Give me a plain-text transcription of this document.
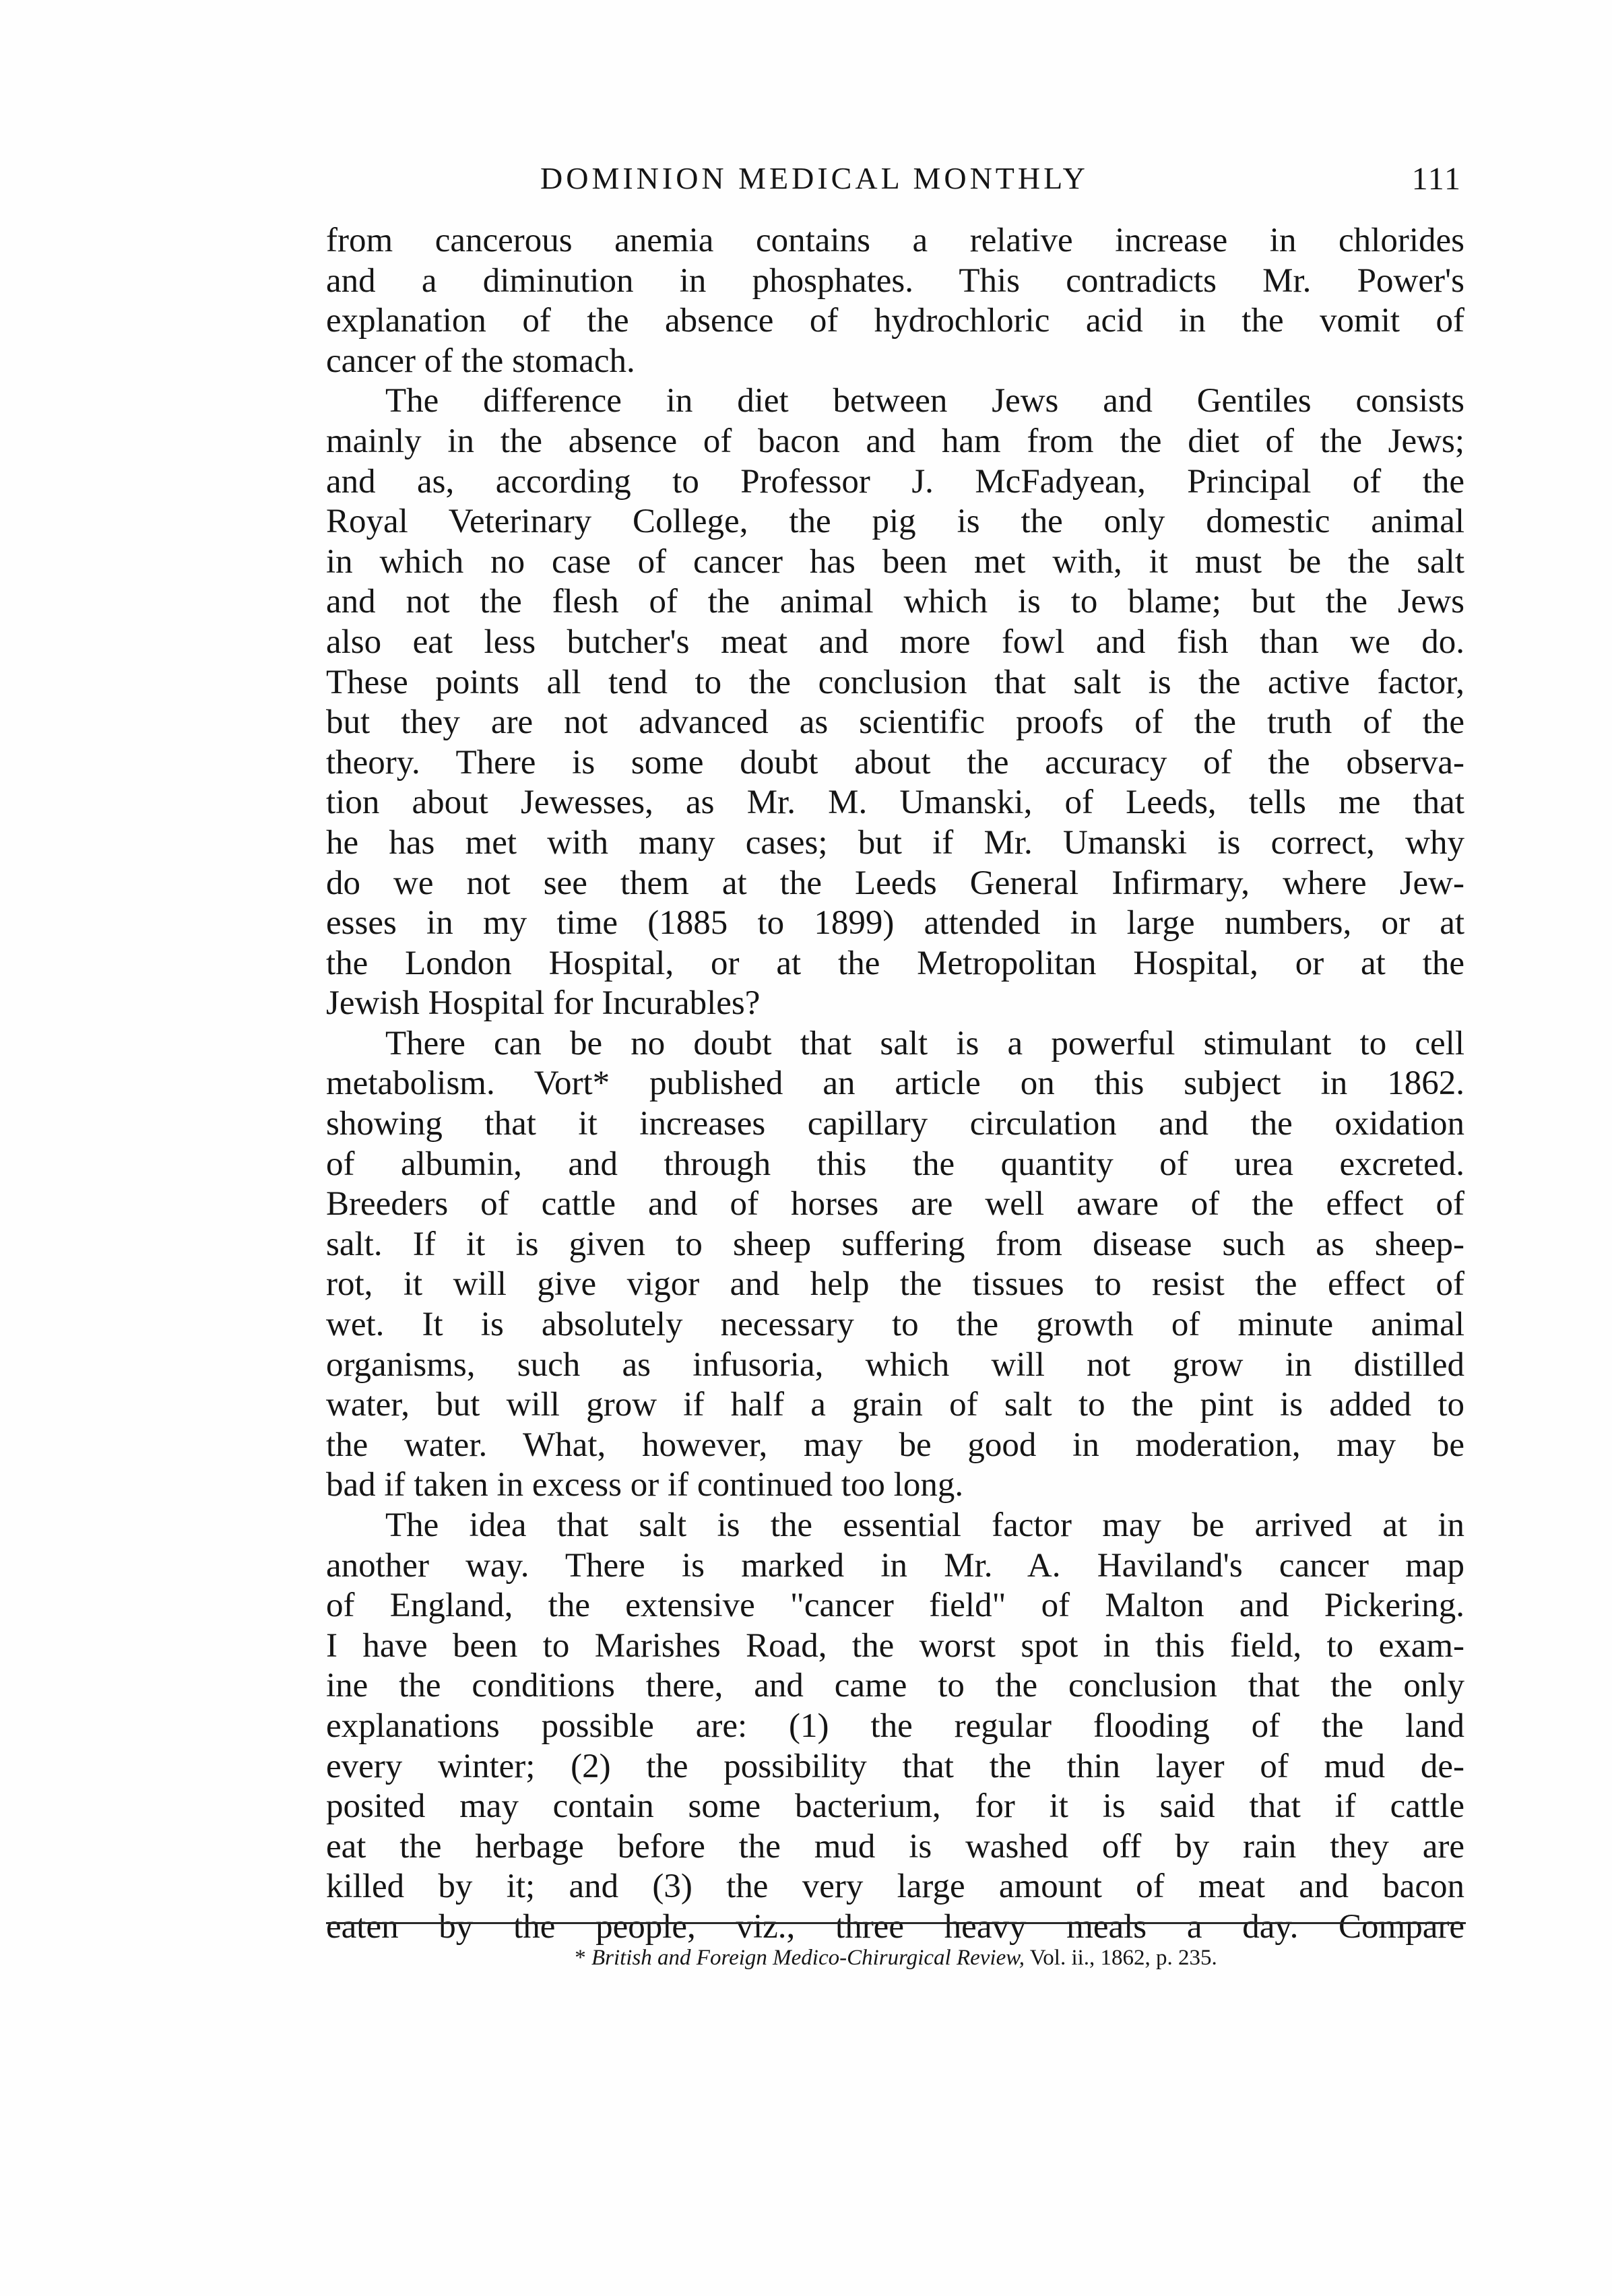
DOMINION MEDICAL MONTHLY	111
from cancerous anemia contains a relative increase in chlorides
and a diminution in phosphates. This contradicts Mr. Power's
explanation of the absence of hydrochloric acid in the vomit of
cancer of the stomach.
The difference in diet between Jews and Gentiles consists
mainly in the absence of bacon and ham from the diet of the Jews;
and as, according to Professor J. McFadyean, Principal of the
Royal Veterinary College, the pig is the only domestic animal
in which no case of cancer has been met with, it must be the salt
and not the flesh of the animal which is to blame; but the Jews
also eat less butcher's meat and more fowl and fish than we do.
These points all tend to the conclusion that salt is the active factor,
but they are not advanced as scientific proofs of the truth of the
theory. There is some doubt about the accuracy of the observa-
tion about Jewesses, as Mr. M. Umanski, of Leeds, tells me that
he has met with many cases; but if Mr. Umanski is correct, why
do we not see them at the Leeds General Infirmary, where Jew-
esses in my time (1885 to 1899) attended in large numbers, or at
the London Hospital, or at the Metropolitan Hospital, or at the
Jewish Hospital for Incurables?
There can be no doubt that salt is a powerful stimulant to cell
metabolism. Vort* published an article on this subject in 1862.
showing that it increases capillary circulation and the oxidation
of albumin, and through this the quantity of urea excreted.
Breeders of cattle and of horses are well aware of the effect of
salt. If it is given to sheep suffering from disease such as sheep-
rot, it will give vigor and help the tissues to resist the effect of
wet. It is absolutely necessary to the growth of minute animal
organisms, such as infusoria, which will not grow in distilled
water, but will grow if half a grain of salt to the pint is added to
the water. What, however, may be good in moderation, may be
bad if taken in excess or if continued too long.
The idea that salt is the essential factor may be arrived at in
another way. There is marked in Mr. A. Haviland's cancer map
of England, the extensive "cancer field" of Malton and Pickering.
I have been to Marishes Road, the worst spot in this field, to exam-
ine the conditions there, and came to the conclusion that the only
explanations possible are: (1) the regular flooding of the land
every winter; (2) the possibility that the thin layer of mud de-
posited may contain some bacterium, for it is said that if cattle
eat the herbage before the mud is washed off by rain they are
killed by it; and (3) the very large amount of meat and bacon
eaten by the people, viz., three heavy meals a day. Compare
* British and Foreign Medico-Chirurgical Review, Vol. ii., 1862, p. 235.
